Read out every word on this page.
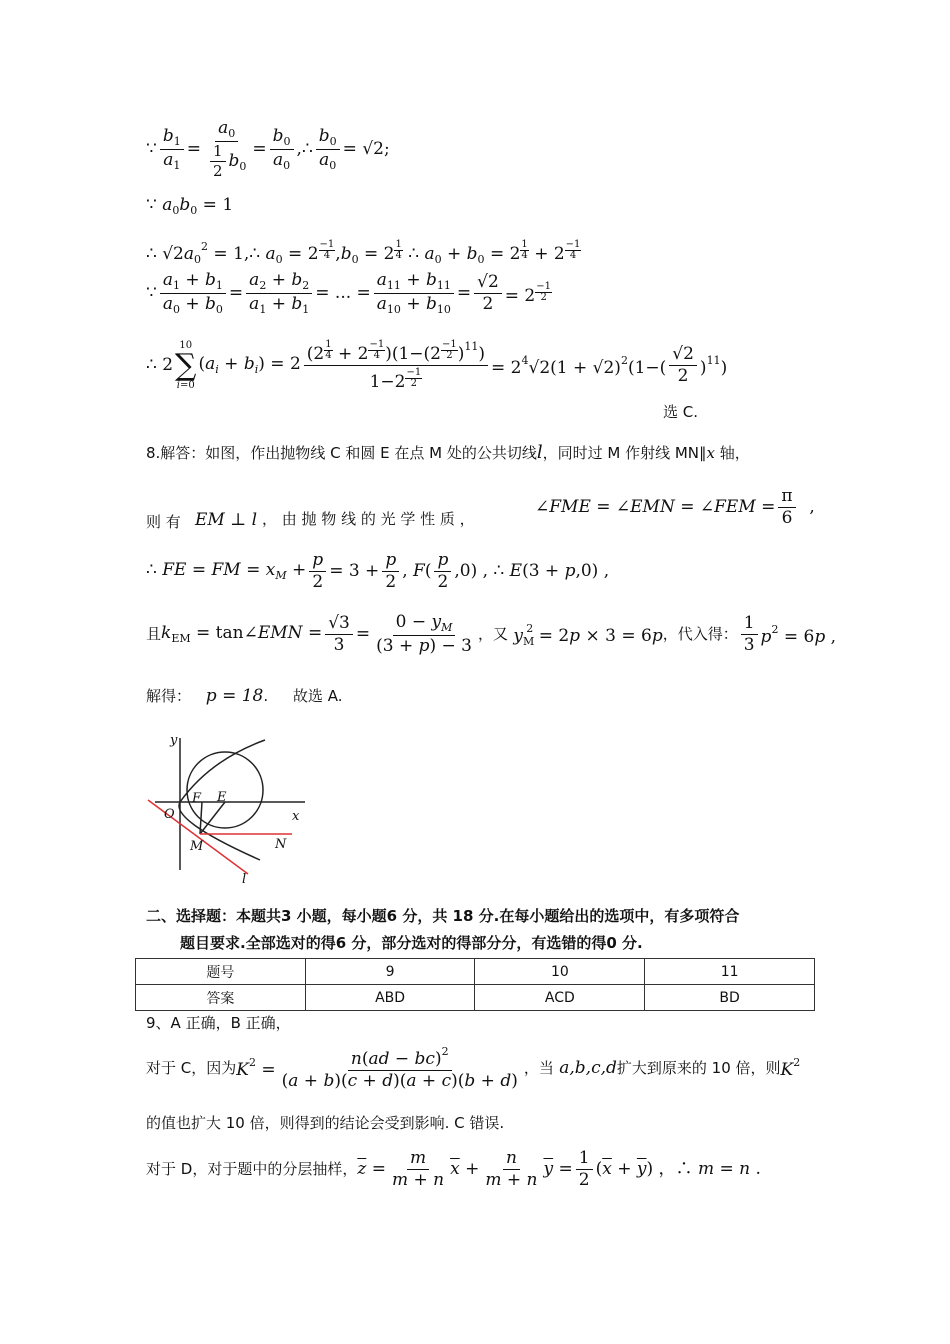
∵ $\frac{b_1}{a_1} = \frac{a_0}{\frac{1}{2} b_0} = \frac{b_0}{a_0}$ ,∴ $\frac{b_0}{a_0} = √2$;
∵ $a_0b_0 = 1$
∴ $√2a_0^2$ = 1,∴ $a_0 = 2 \frac{-1}{4} ,b_0 = 2 \frac{1}{4}$ ∴ $a_0 + b_0 = 2 \frac{1}{4} + 2 \frac{-1}{4}$
∵ $\frac{a_1 + b_1}{a_0 + b_0} = \frac{a_2 + b_2}{a_1 + b_1}$ = ... = $\frac{a_{11} + b_{11}}{a_{10} + b_{10}} = \frac{√2}{2} = 2 \frac{-1}{2}$
∴ 2
10
∑
i=0
$(a_i + b_i) = 2 \frac{(2 \frac{1}{4} + 2 \frac{-1}{4} )(1-(2 \frac{-1}{2} )^{11})}{1-2 \frac{-1}{2}} = 2^4√2(1 + √2)^2(1-( \frac{√2}{2} )^{11})$
选 C.
8.解答：如图，作出抛物线 C 和圆 E 在点 M 处的公共切线l，同时过 M 作射线 MN∥x 轴，
则 有 EM ⊥ l ， 由 抛 物 线 的 光 学 性 质 ，
∠FME = ∠EMN = ∠FEM = $\frac{\pi}{6}$ ,
∴ FE = FM = $x_M + \frac{p}{2} = 3 + \frac{p}{2}$ , $F( \frac{p}{2} ,0)$ , ∴ E(3 + p,0) ,
且 $k_{EM}$ = tan∠EMN = $\frac{√3}{3} = \frac{0 - y_M}{(3 + p) - 3}$ ，又 $y_M^2 = 2p \times 3 = 6p$ ，代入得： $\frac{1}{3} p^2 = 6p$ ,
解得： p = 18. 故选 A.
y
x
O
F E
M	N
l
二、选择题：本题共3 小题，每小题6 分，共 18 分.在每小题给出的选项中，有多项符合
题目要求.全部选对的得6 分，部分选对的得部分分，有选错的得0 分.
题号	9	10	11
答案	ABD	ACD	BD
9、A 正确，B 正确，
对于 C，因为 $K^2 = \frac{n(ad - bc)^2}{(a + b)(c + d)(a + c)(b + d)}$ ，当 a,b,c,d 扩大到原来的 10 倍，则 $K^2$
的值也扩大 10 倍，则得到的结论会受到影响. C 错误.
对于 D，对于题中的分层抽样， $\overline{z} = \frac{m}{m + n} \overline{x} + \frac{n}{m + n} \overline{y} = \frac{1}{2} (\overline{x} + \overline{y})$ ，∴ m = n .
